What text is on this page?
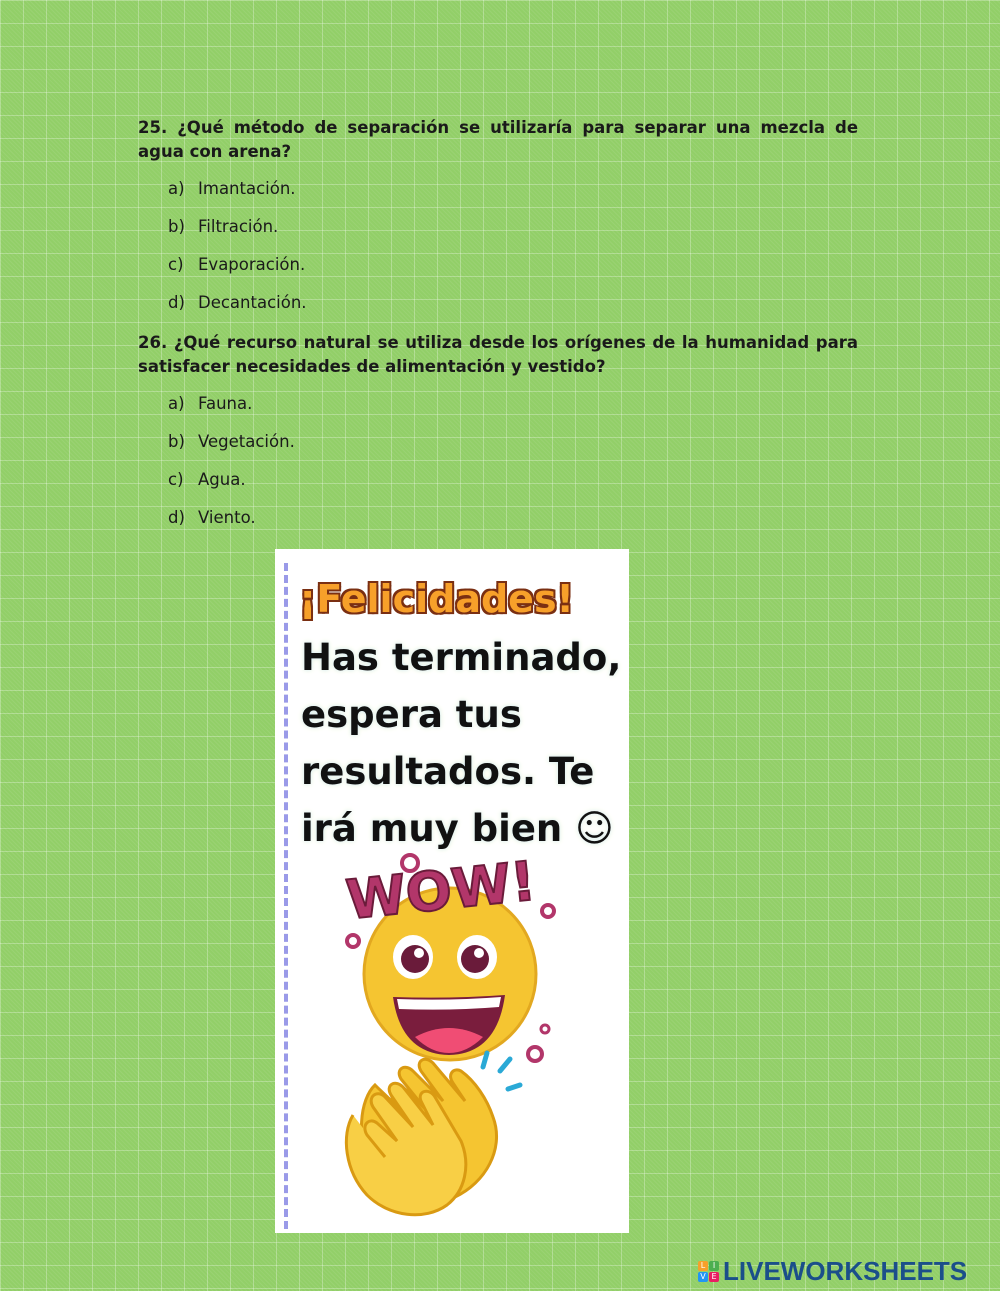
25. ¿Qué método de separación se utilizaría para separar una mezcla de agua con arena?

a) Imantación.
b) Filtración.
c) Evaporación.
d) Decantación.

26. ¿Qué recurso natural se utiliza desde los orígenes de la humanidad para satisfacer necesidades de alimentación y vestido?

a) Fauna.
b) Vegetación.
c) Agua.
d) Viento.
¡Felicidades!
Has terminado, espera tus resultados. Te irá muy bien ☺
WOW!
L I
V E LIVEWORKSHEETS
